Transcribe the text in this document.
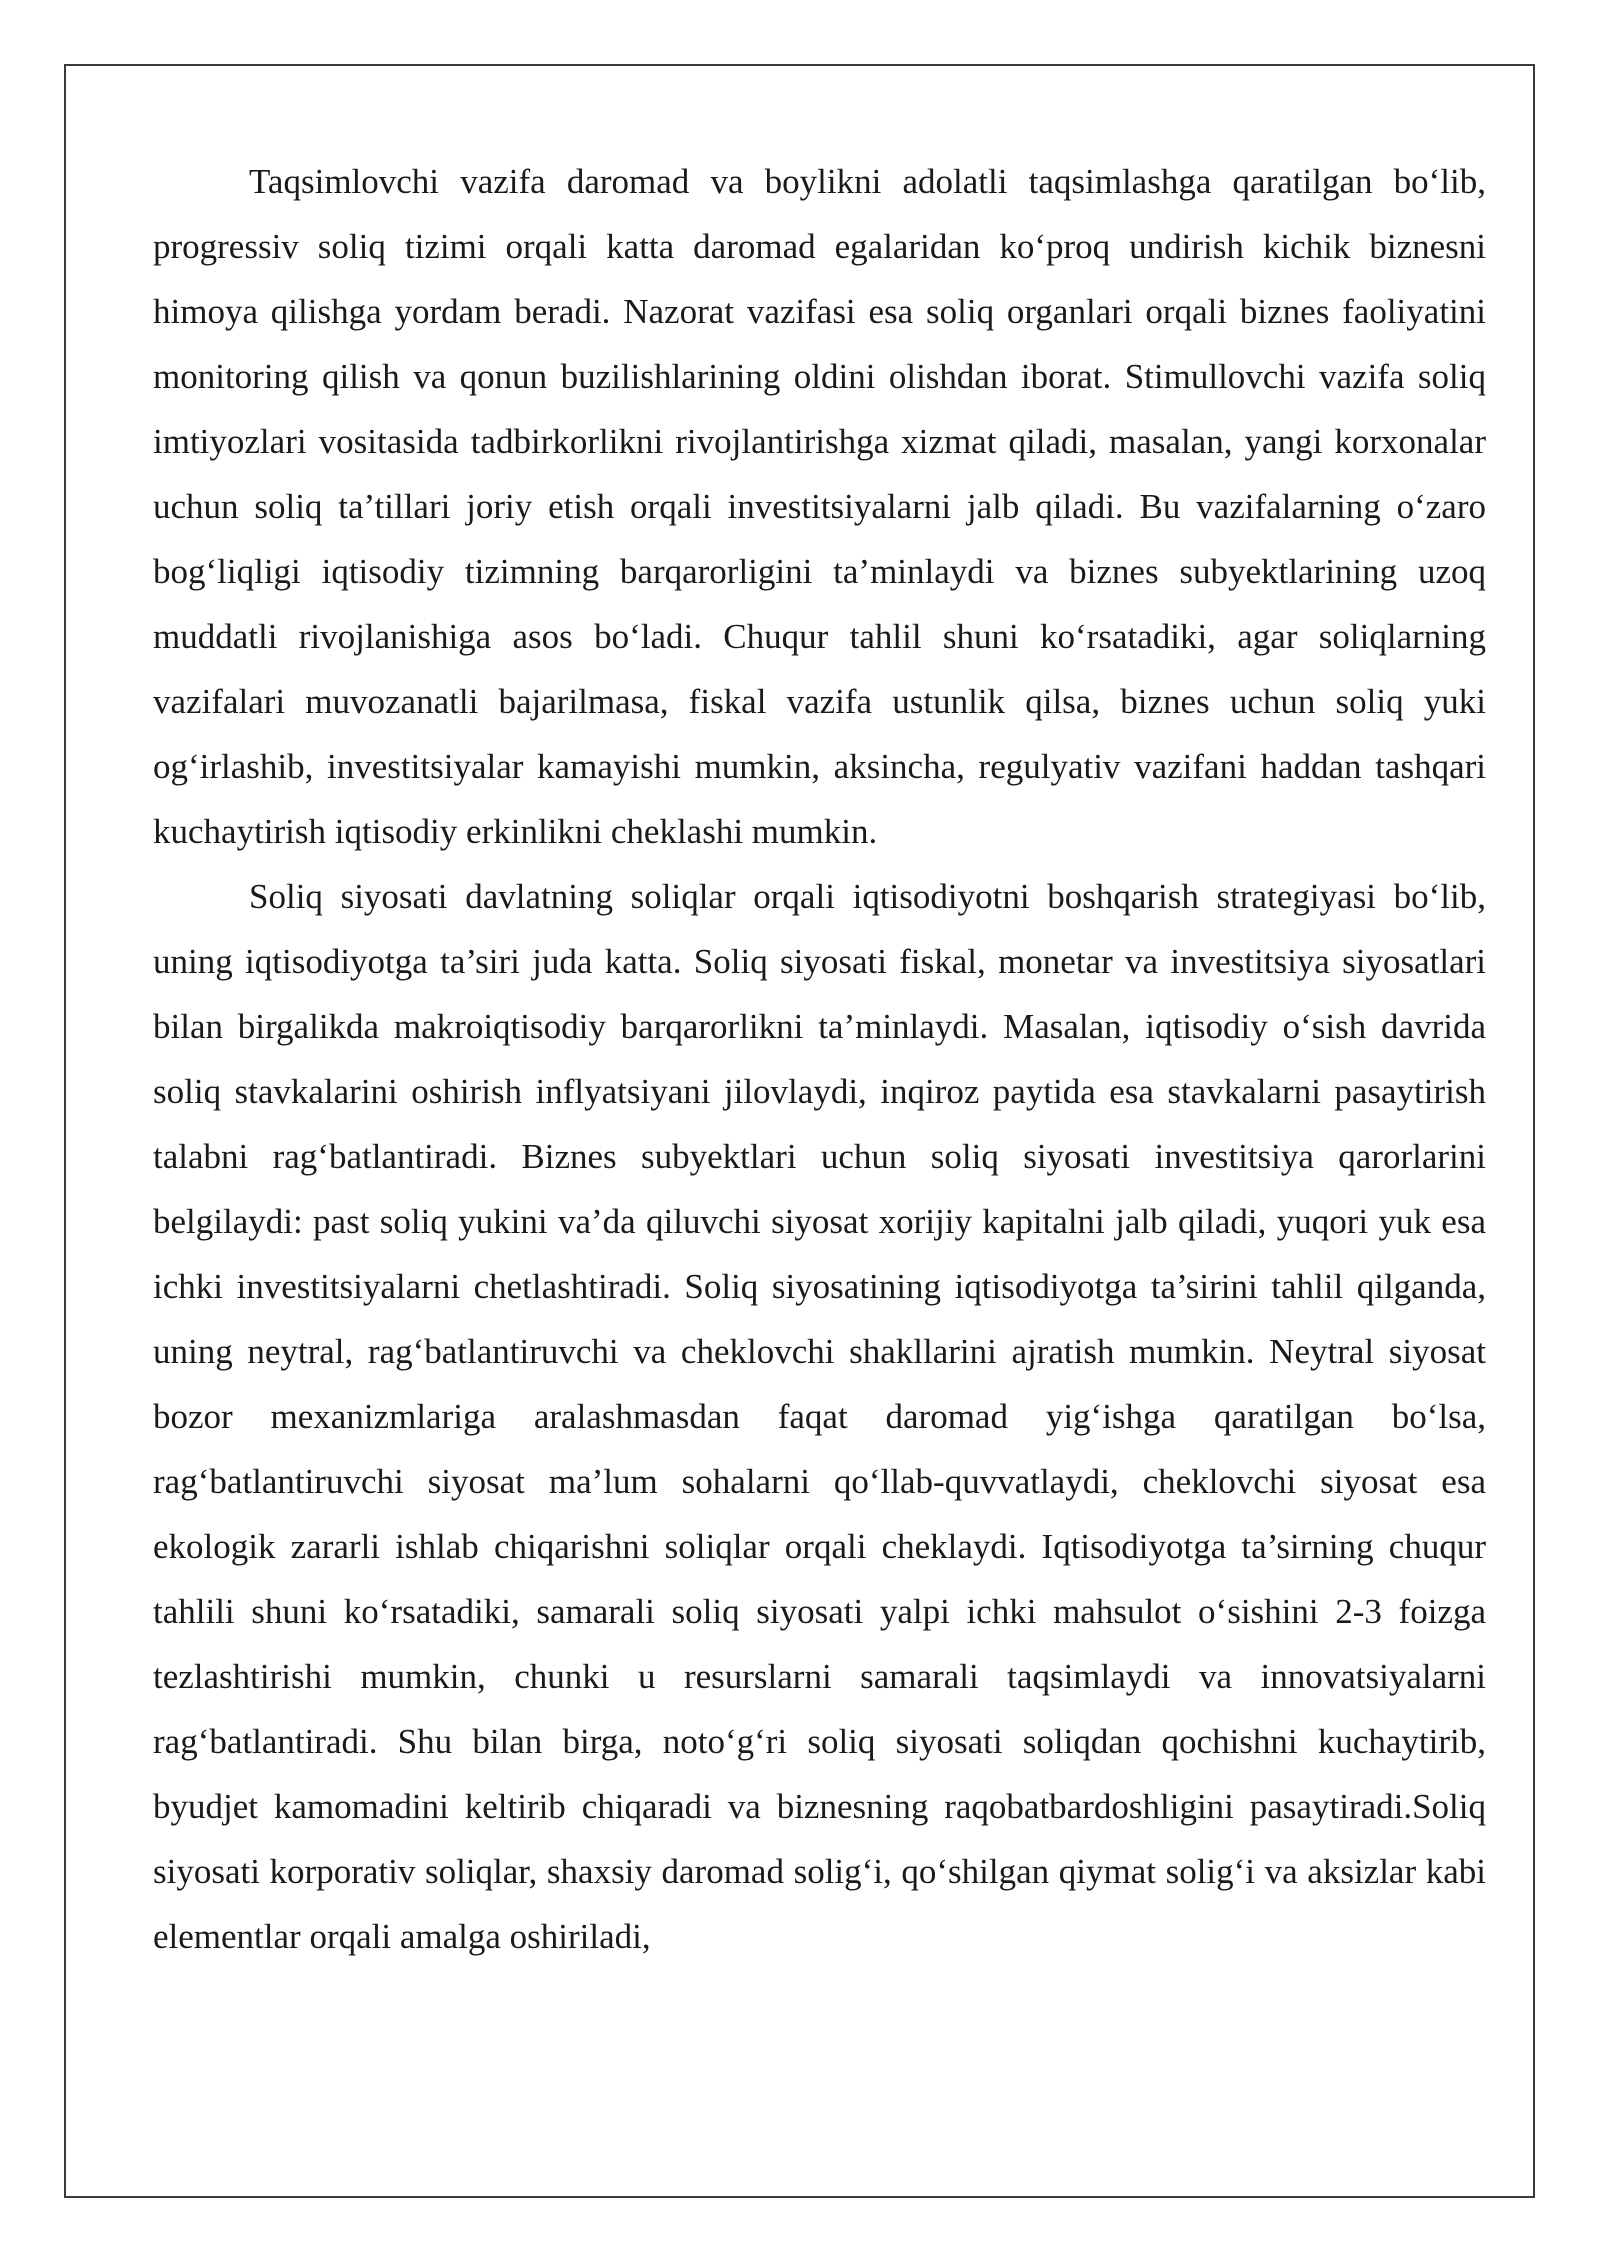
Taqsimlovchi vazifa daromad va boylikni adolatli taqsimlashga qaratilgan bo‘lib, progressiv soliq tizimi orqali katta daromad egalaridan ko‘proq undirish kichik biznesni himoya qilishga yordam beradi. Nazorat vazifasi esa soliq organlari orqali biznes faoliyatini monitoring qilish va qonun buzilishlarining oldini olishdan iborat. Stimullovchi vazifa soliq imtiyozlari vositasida tadbirkorlikni rivojlantirishga xizmat qiladi, masalan, yangi korxonalar uchun soliq ta’tillari joriy etish orqali investitsiyalarni jalb qiladi. Bu vazifalarning o‘zaro bog‘liqligi iqtisodiy tizimning barqarorligini ta’minlaydi va biznes subyektlarining uzoq muddatli rivojlanishiga asos bo‘ladi. Chuqur tahlil shuni ko‘rsatadiki, agar soliqlarning vazifalari muvozanatli bajarilmasa, fiskal vazifa ustunlik qilsa, biznes uchun soliq yuki og‘irlashib, investitsiyalar kamayishi mumkin, aksincha, regulyativ vazifani haddan tashqari kuchaytirish iqtisodiy erkinlikni cheklashi mumkin.

Soliq siyosati davlatning soliqlar orqali iqtisodiyotni boshqarish strategiyasi bo‘lib, uning iqtisodiyotga ta’siri juda katta. Soliq siyosati fiskal, monetar va investitsiya siyosatlari bilan birgalikda makroiqtisodiy barqarorlikni ta’minlaydi. Masalan, iqtisodiy o‘sish davrida soliq stavkalarini oshirish inflyatsiyani jilovlaydi, inqiroz paytida esa stavkalarni pasaytirish talabni rag‘batlantiradi. Biznes subyektlari uchun soliq siyosati investitsiya qarorlarini belgilaydi: past soliq yukini va’da qiluvchi siyosat xorijiy kapitalni jalb qiladi, yuqori yuk esa ichki investitsiyalarni chetlashtiradi. Soliq siyosatining iqtisodiyotga ta’sirini tahlil qilganda, uning neytral, rag‘batlantiruvchi va cheklovchi shakllarini ajratish mumkin. Neytral siyosat bozor mexanizmlariga aralashmasdan faqat daromad yig‘ishga qaratilgan bo‘lsa, rag‘batlantiruvchi siyosat ma’lum sohalarni qo‘llab-quvvatlaydi, cheklovchi siyosat esa ekologik zararli ishlab chiqarishni soliqlar orqali cheklaydi. Iqtisodiyotga ta’sirning chuqur tahlili shuni ko‘rsatadiki, samarali soliq siyosati yalpi ichki mahsulot o‘sishini 2-3 foizga tezlashtirishi mumkin, chunki u resurslarni samarali taqsimlaydi va innovatsiyalarni rag‘batlantiradi. Shu bilan birga, noto‘g‘ri soliq siyosati soliqdan qochishni kuchaytirib, byudjet kamomadini keltirib chiqaradi va biznesning raqobatbardoshligini pasaytiradi.Soliq siyosati korporativ soliqlar, shaxsiy daromad solig‘i, qo‘shilgan qiymat solig‘i va aksizlar kabi elementlar orqali amalga oshiriladi,
